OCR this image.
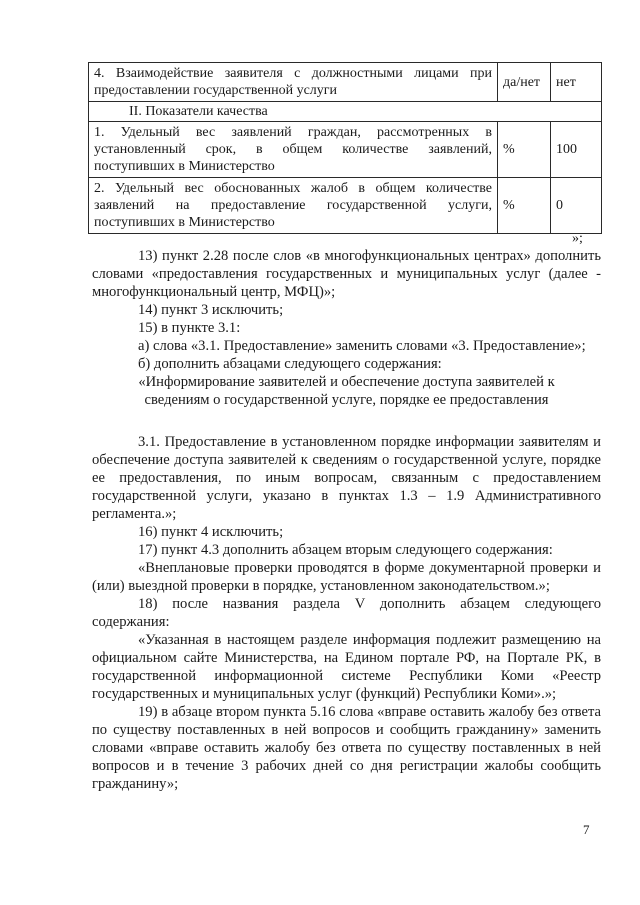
4. Взаимодействие заявителя с должностными лицами при предоставлении государственной услуги	да/нет	нет
II. Показатели качества		
1. Удельный вес заявлений граждан, рассмотренных в установленный срок, в общем количестве заявлений, поступивших в Министерство	%	100
2. Удельный вес обоснованных жалоб в общем количестве заявлений на предоставление государственной услуги, поступивших в Министерство	%	0
»;

13) пункт 2.28 после слов «в многофункциональных центрах» дополнить словами «предоставления государственных и муниципальных услуг (далее - многофункциональный центр, МФЦ)»;

14) пункт 3 исключить;

15) в пункте 3.1:

а) слова «3.1. Предоставление» заменить словами «3. Предоставление»;

б) дополнить абзацами следующего содержания:

«Информирование заявителей и обеспечение доступа заявителей к
сведениям о государственной услуге, порядке ее предоставления

3.1. Предоставление в установленном порядке информации заявителям и обеспечение доступа заявителей к сведениям о государственной услуге, порядке ее предоставления, по иным вопросам, связанным с предоставлением государственной услуги, указано в пунктах 1.3 – 1.9 Административного регламента.»;

16) пункт 4 исключить;

17) пункт 4.3 дополнить абзацем вторым следующего содержания:

«Внеплановые проверки проводятся в форме документарной проверки и (или) выездной проверки в порядке, установленном законодательством.»;

18) после названия раздела V дополнить абзацем следующего содержания:

«Указанная в настоящем разделе информация подлежит размещению на официальном сайте Министерства, на Едином портале РФ, на Портале РК, в государственной информационной системе Республики Коми «Реестр государственных и муниципальных услуг (функций) Республики Коми».»;

19) в абзаце втором пункта 5.16 слова «вправе оставить жалобу без ответа по существу поставленных в ней вопросов и сообщить гражданину» заменить словами «вправе оставить жалобу без ответа по существу поставленных в ней вопросов и в течение 3 рабочих дней со дня регистрации жалобы сообщить гражданину»;

7
